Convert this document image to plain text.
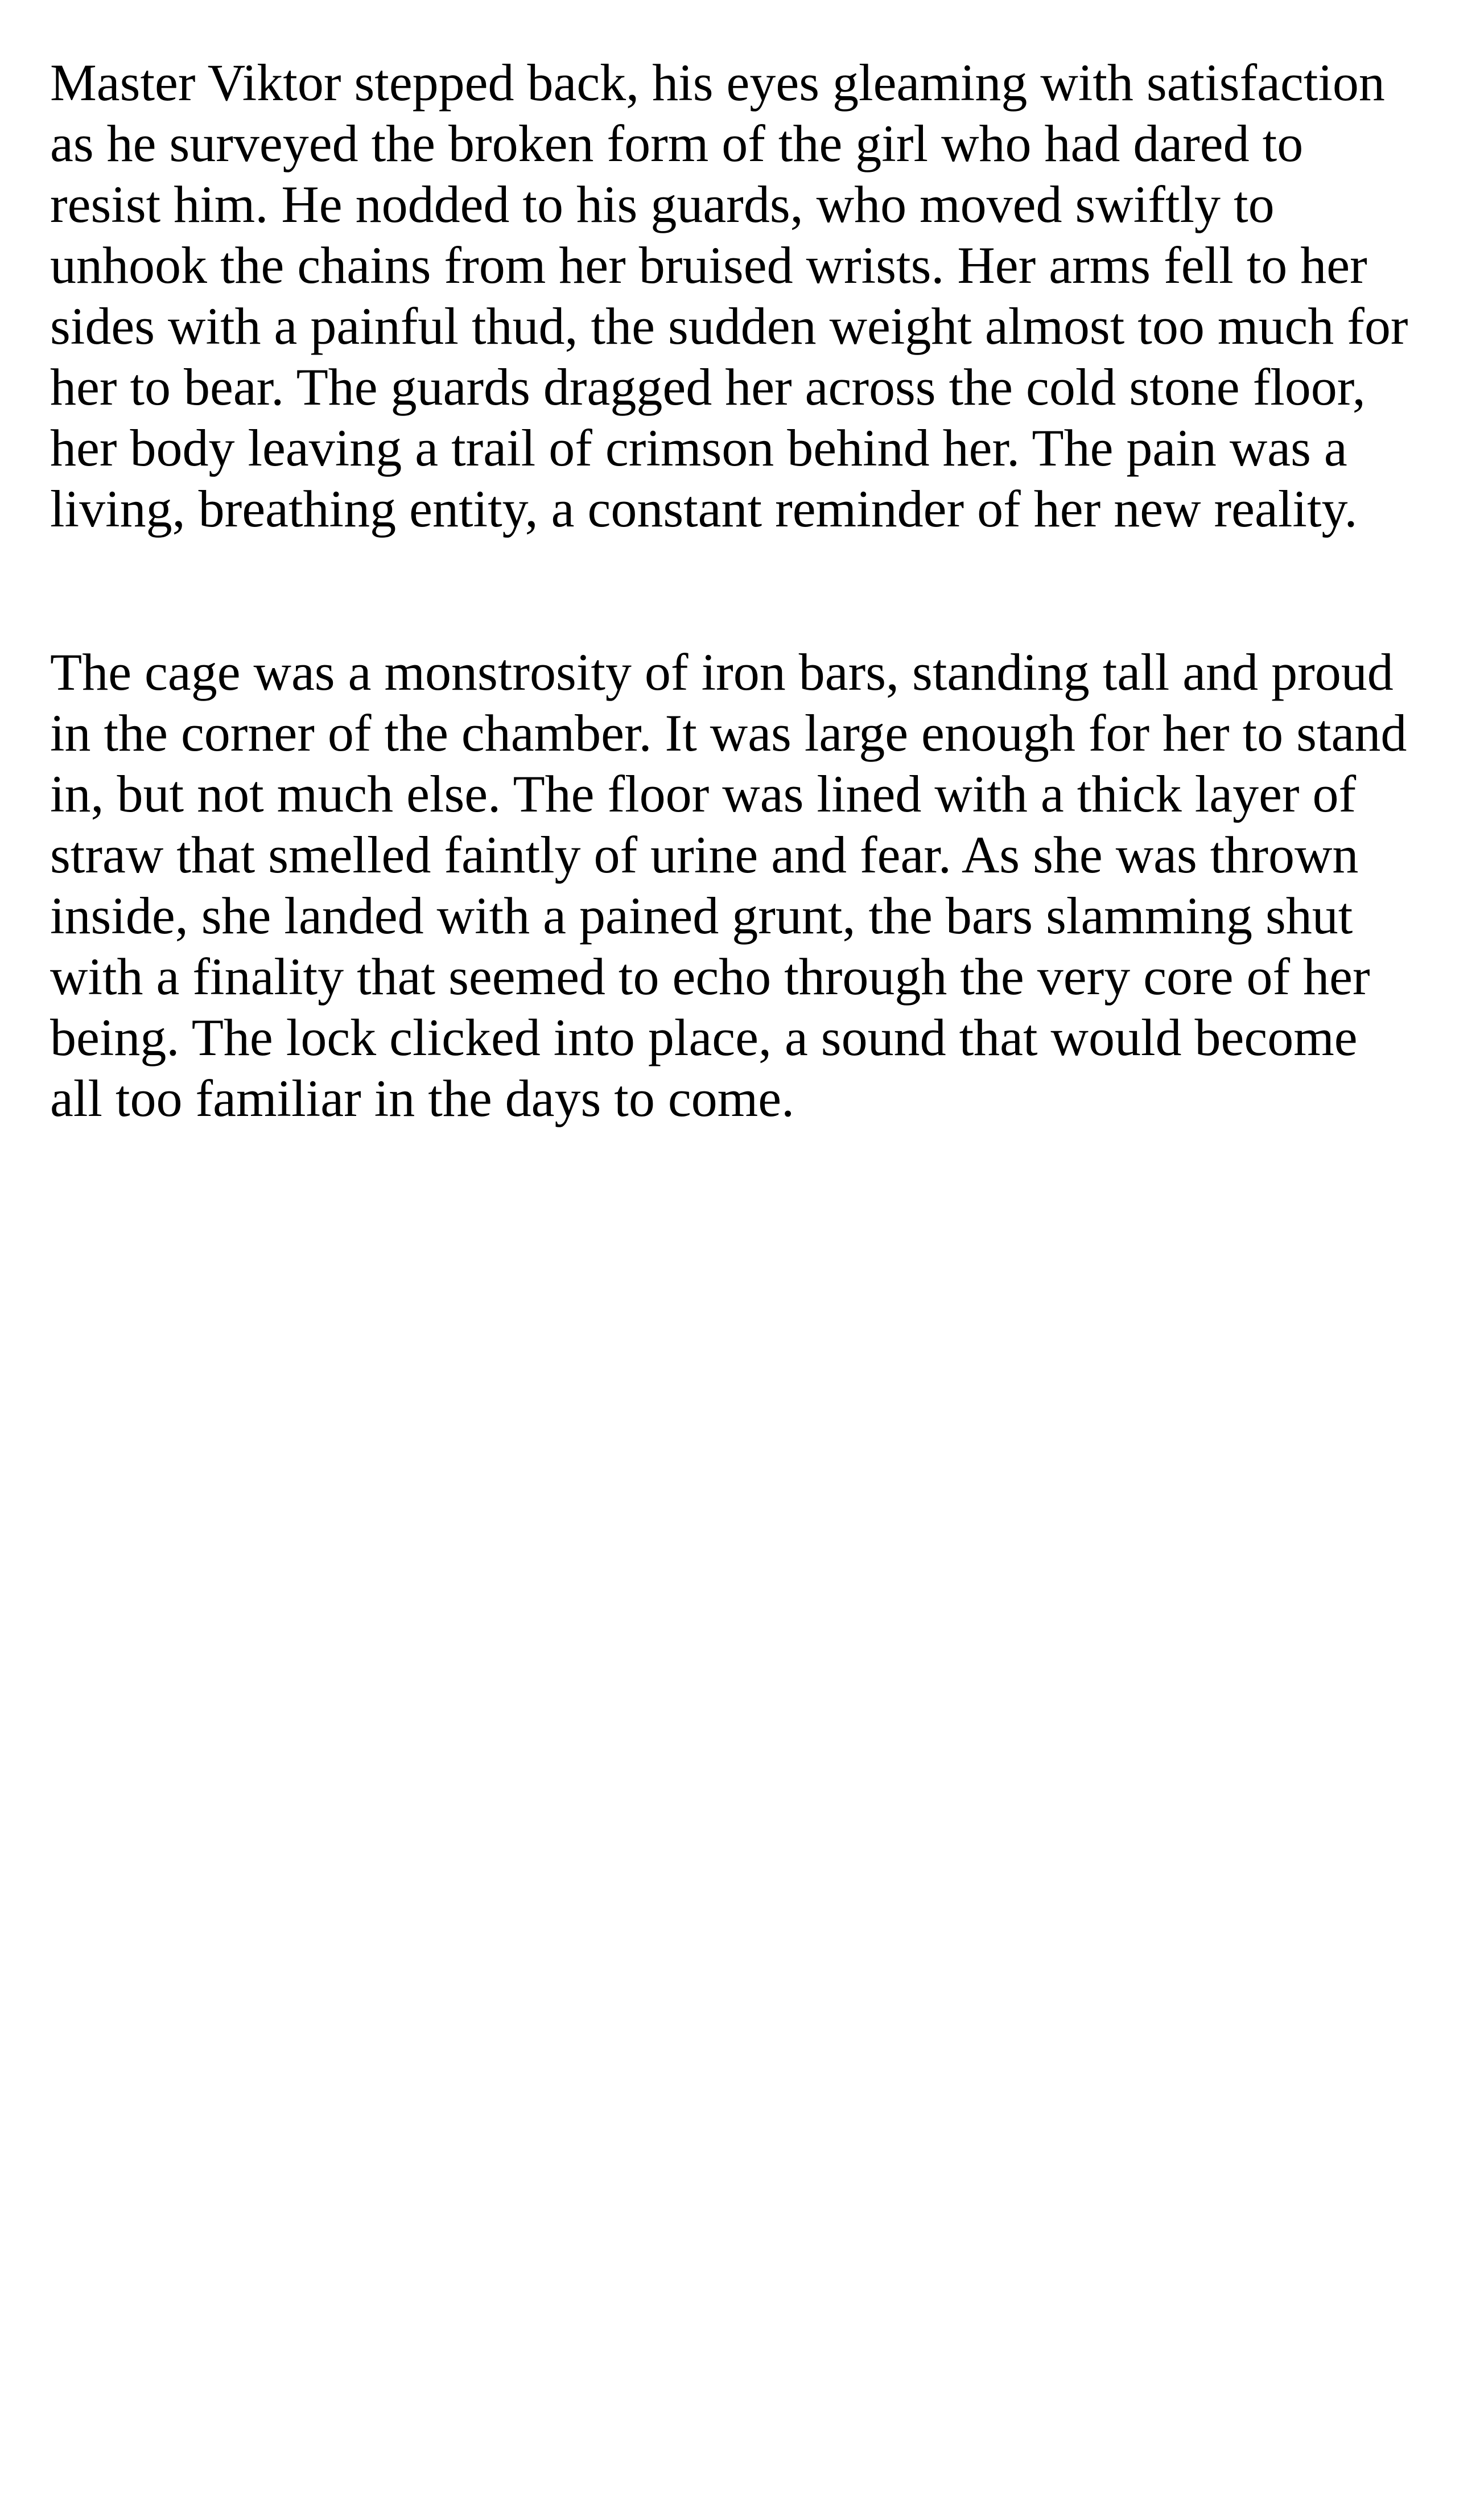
Master Viktor stepped back, his eyes gleaming with satisfaction
as he surveyed the broken form of the girl who had dared to
resist him. He nodded to his guards, who moved swiftly to
unhook the chains from her bruised wrists. Her arms fell to her
sides with a painful thud, the sudden weight almost too much for
her to bear. The guards dragged her across the cold stone floor,
her body leaving a trail of crimson behind her. The pain was a
living, breathing entity, a constant reminder of her new reality.

The cage was a monstrosity of iron bars, standing tall and proud
in the corner of the chamber. It was large enough for her to stand
in, but not much else. The floor was lined with a thick layer of
straw that smelled faintly of urine and fear. As she was thrown
inside, she landed with a pained grunt, the bars slamming shut
with a finality that seemed to echo through the very core of her
being. The lock clicked into place, a sound that would become
all too familiar in the days to come.
